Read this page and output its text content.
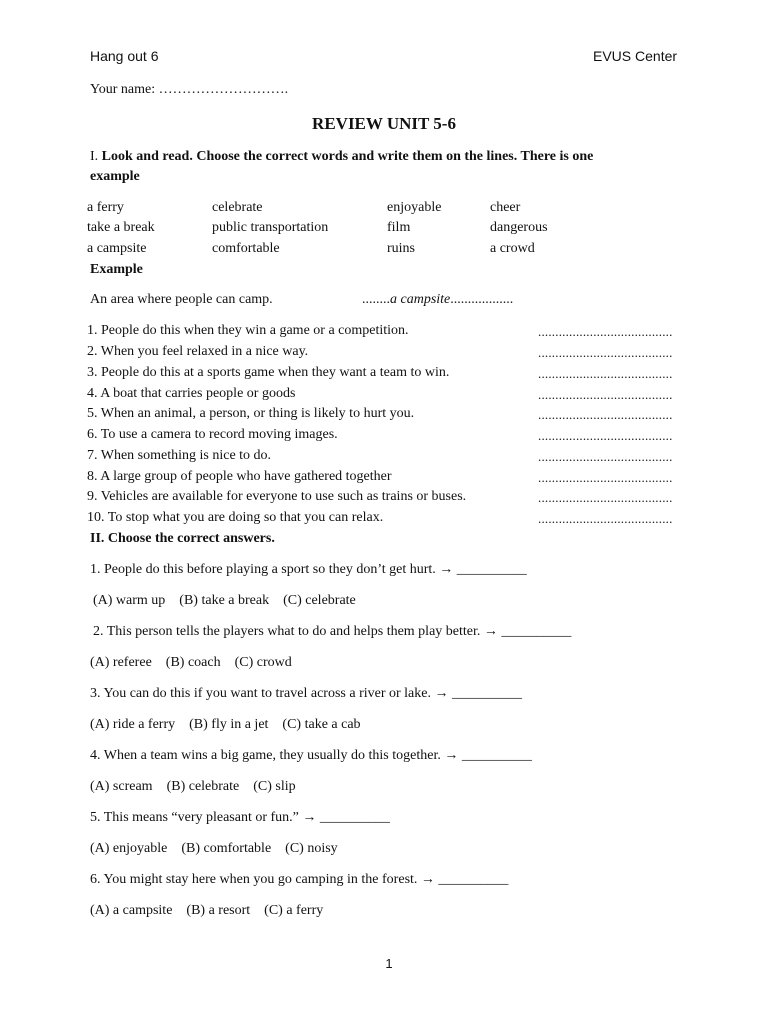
Hang out 6	EVUS Center
Your name: ……………………….
REVIEW UNIT 5-6
I. Look and read. Choose the correct words and write them on the lines. There is one
example
a ferry	celebrate	enjoyable	cheer
take a break	public transportation	film	dangerous
a campsite	comfortable	ruins	a crowd
Example
An area where people can camp.	........a campsite..................
1. People do this when they win a game or a competition.	.......................................
2. When you feel relaxed in a nice way.	.......................................
3. People do this at a sports game when they want a team to win.	.......................................
4. A boat that carries people or goods	.......................................
5. When an animal, a person, or thing is likely to hurt you.	.......................................
6. To use a camera to record moving images.	.......................................
7. When something is nice to do.	.......................................
8. A large group of people who have gathered together	.......................................
9. Vehicles are available for everyone to use such as trains or buses.	.......................................
10. To stop what you are doing so that you can relax.	.......................................
II. Choose the correct answers.
1. People do this before playing a sport so they don’t get hurt. → __________
(A) warm up    (B) take a break    (C) celebrate
2. This person tells the players what to do and helps them play better. → __________
(A) referee    (B) coach    (C) crowd
3. You can do this if you want to travel across a river or lake. → __________
(A) ride a ferry    (B) fly in a jet    (C) take a cab
4. When a team wins a big game, they usually do this together. → __________
(A) scream    (B) celebrate    (C) slip
5. This means “very pleasant or fun.” → __________
(A) enjoyable    (B) comfortable    (C) noisy
6. You might stay here when you go camping in the forest. → __________
(A) a campsite    (B) a resort    (C) a ferry
1
